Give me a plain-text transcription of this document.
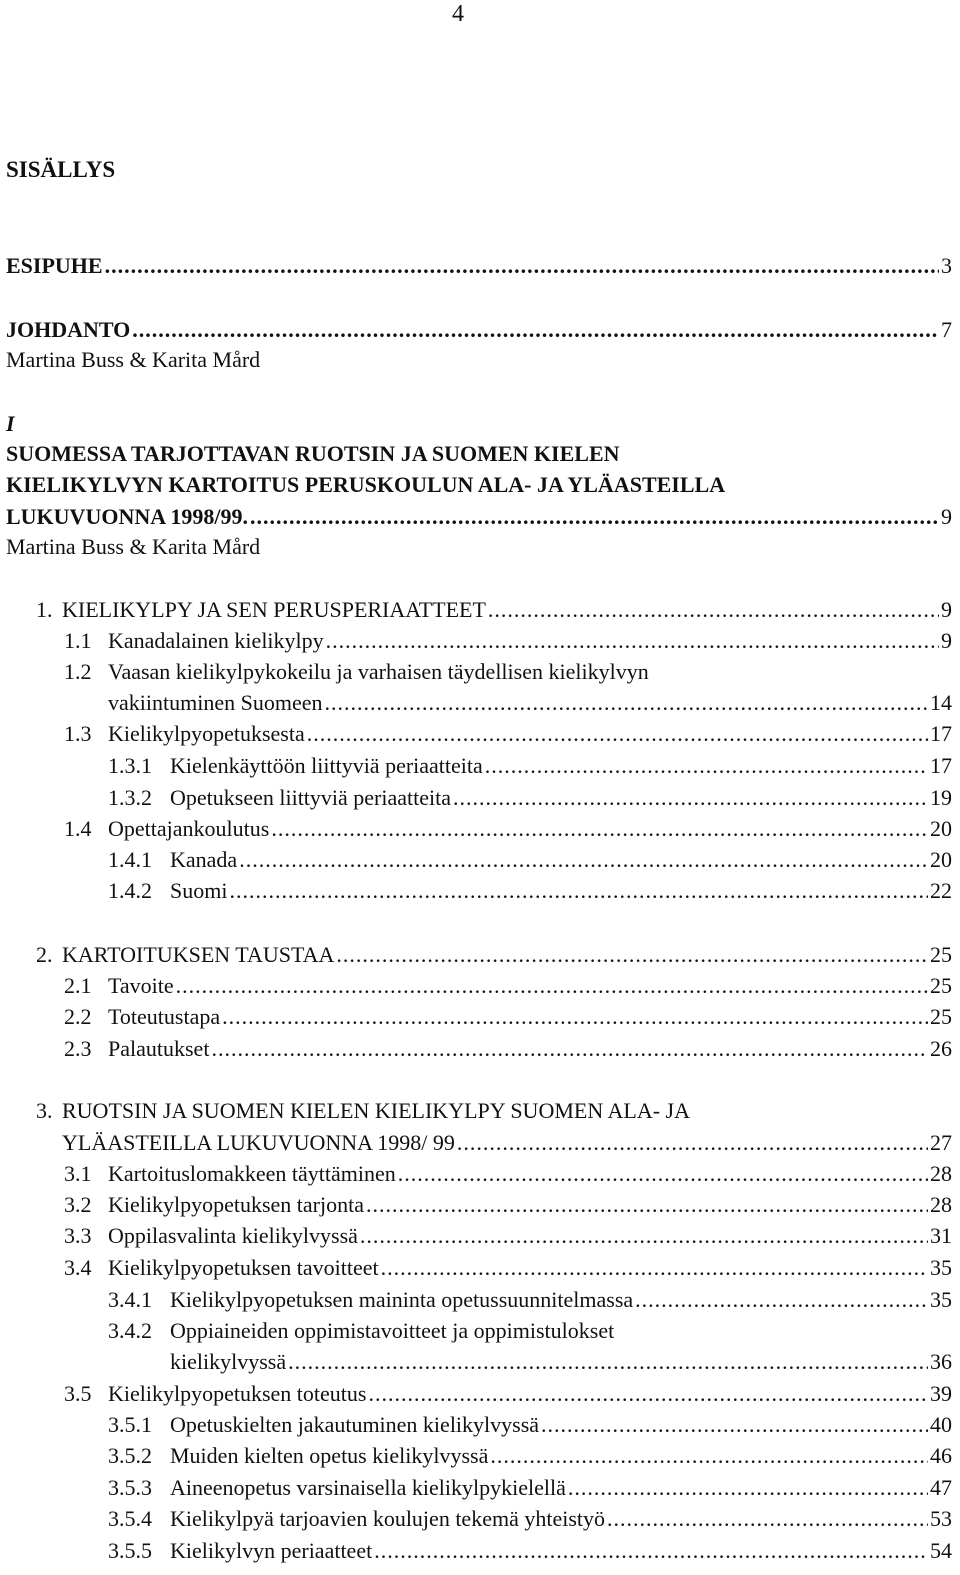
4
SISÄLLYS
ESIPUHE .....	3
JOHDANTO .....	7
Martina Buss & Karita Mård
I
SUOMESSA TARJOTTAVAN RUOTSIN JA SUOMEN KIELEN
KIELIKYLVYN KARTOITUS PERUSKOULUN ALA- JA YLÄASTEILLA
LUKUVUONNA 1998/99. .....	9
Martina Buss & Karita Mård
1. KIELIKYLPY JA SEN PERUSPERIAATTEET .....	9
1.1 Kanadalainen kielikylpy .....	9
1.2 Vaasan kielikylpykokeilu ja varhaisen täydellisen kielikylvyn
vakiintuminen Suomeen .....	14
1.3 Kielikylpyopetuksesta .....	17
1.3.1 Kielenkäyttöön liittyviä periaatteita .....	17
1.3.2 Opetukseen liittyviä periaatteita .....	19
1.4 Opettajankoulutus .....	20
1.4.1 Kanada .....	20
1.4.2 Suomi .....	22
2. KARTOITUKSEN TAUSTAA .....	25
2.1 Tavoite .....	25
2.2 Toteutustapa .....	25
2.3 Palautukset .....	26
3. RUOTSIN JA SUOMEN KIELEN KIELIKYLPY SUOMEN ALA- JA
YLÄASTEILLA LUKUVUONNA 1998/ 99 .....	27
3.1 Kartoituslomakkeen täyttäminen .....	28
3.2 Kielikylpyopetuksen tarjonta .....	28
3.3 Oppilasvalinta kielikylvyssä .....	31
3.4 Kielikylpyopetuksen tavoitteet .....	35
3.4.1 Kielikylpyopetuksen maininta opetussuunnitelmassa .....	35
3.4.2 Oppiaineiden oppimistavoitteet ja oppimistulokset
kielikylvyssä .....	36
3.5 Kielikylpyopetuksen toteutus .....	39
3.5.1 Opetuskielten jakautuminen kielikylvyssä .....	40
3.5.2 Muiden kielten opetus kielikylvyssä .....	46
3.5.3 Aineenopetus varsinaisella kielikylpykielellä .....	47
3.5.4 Kielikylpyä tarjoavien koulujen tekemä yhteistyö .....	53
3.5.5 Kielikylvyn periaatteet .....	54
